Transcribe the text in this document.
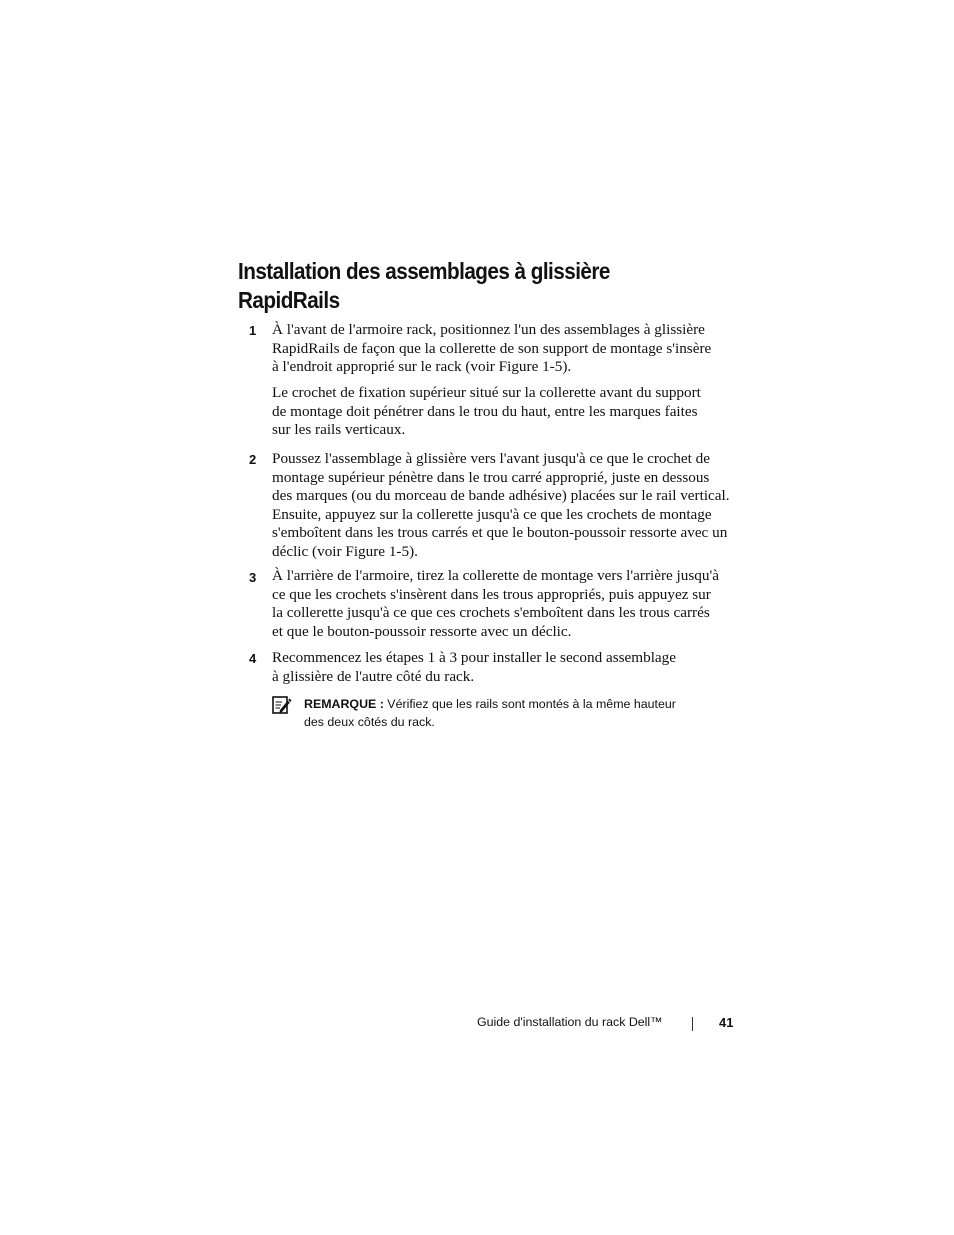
Installation des assemblages à glissière
RapidRails
1 À l'avant de l'armoire rack, positionnez l'un des assemblages à glissière
RapidRails de façon que la collerette de son support de montage s'insère
à l'endroit approprié sur le rack (voir Figure 1-5).

Le crochet de fixation supérieur situé sur la collerette avant du support
de montage doit pénétrer dans le trou du haut, entre les marques faites
sur les rails verticaux.

2 Poussez l'assemblage à glissière vers l'avant jusqu'à ce que le crochet de
montage supérieur pénètre dans le trou carré approprié, juste en dessous
des marques (ou du morceau de bande adhésive) placées sur le rail vertical.
Ensuite, appuyez sur la collerette jusqu'à ce que les crochets de montage
s'emboîtent dans les trous carrés et que le bouton-poussoir ressorte avec un
déclic (voir Figure 1-5).

3 À l'arrière de l'armoire, tirez la collerette de montage vers l'arrière jusqu'à
ce que les crochets s'insèrent dans les trous appropriés, puis appuyez sur
la collerette jusqu'à ce que ces crochets s'emboîtent dans les trous carrés
et que le bouton-poussoir ressorte avec un déclic.

4 Recommencez les étapes 1 à 3 pour installer le second assemblage
à glissière de l'autre côté du rack.

REMARQUE : Vérifiez que les rails sont montés à la même hauteur
des deux côtés du rack.

Guide d'installation du rack Dell™	41
